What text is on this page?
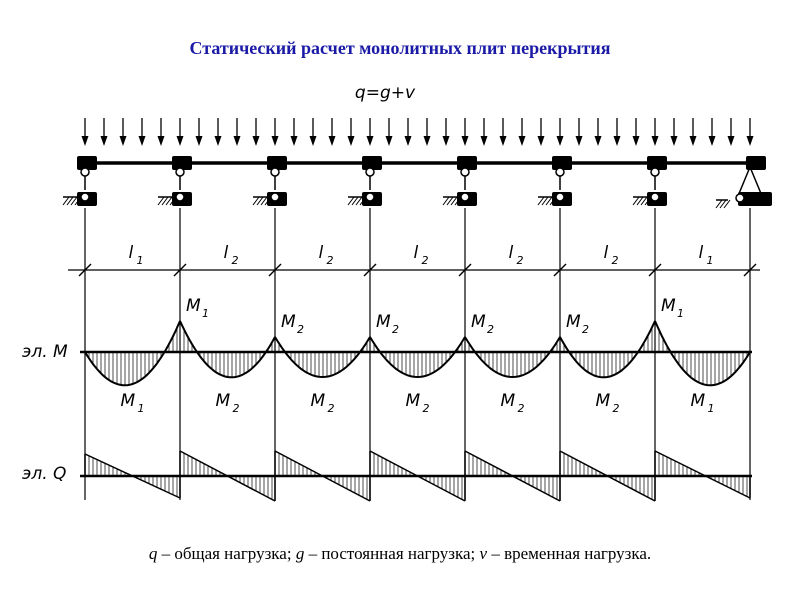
Статический расчет монолитных плит перекрытия
q=g+v
l 1	l 2	l 2	l 2	l 2	l 2	l 1
M 1	M 2	M 2	M 2	M 2
M 1
M 1	M 2	M 2	M 2	M 2	M 2	M 1
эл. M
эл. Q
q – общая нагрузка; g – постоянная нагрузка; v – временная нагрузка.
